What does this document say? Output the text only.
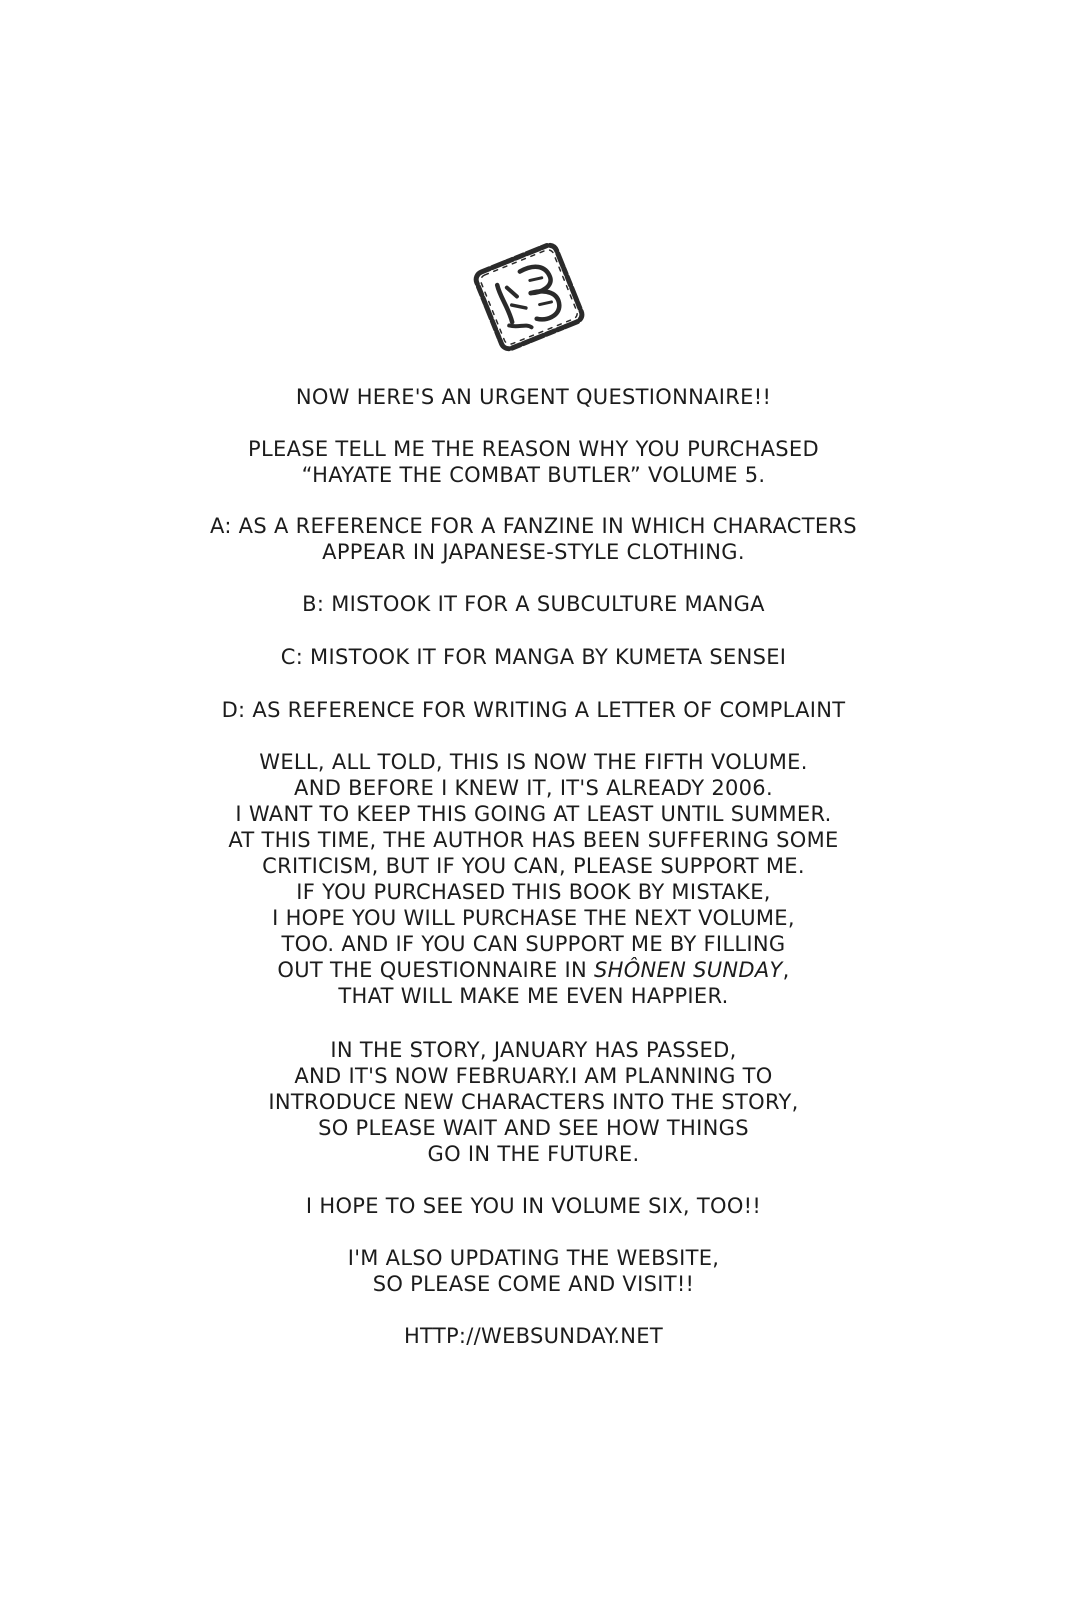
NOW HERE'S AN URGENT QUESTIONNAIRE!!
PLEASE TELL ME THE REASON WHY YOU PURCHASED
“HAYATE THE COMBAT BUTLER” VOLUME 5.
A: AS A REFERENCE FOR A FANZINE IN WHICH CHARACTERS
APPEAR IN JAPANESE-STYLE CLOTHING.
B: MISTOOK IT FOR A SUBCULTURE MANGA
C: MISTOOK IT FOR MANGA BY KUMETA SENSEI
D: AS REFERENCE FOR WRITING A LETTER OF COMPLAINT
WELL, ALL TOLD, THIS IS NOW THE FIFTH VOLUME.
AND BEFORE I KNEW IT, IT'S ALREADY 2006.
I WANT TO KEEP THIS GOING AT LEAST UNTIL SUMMER.
AT THIS TIME, THE AUTHOR HAS BEEN SUFFERING SOME
CRITICISM, BUT IF YOU CAN, PLEASE SUPPORT ME.
IF YOU PURCHASED THIS BOOK BY MISTAKE,
I HOPE YOU WILL PURCHASE THE NEXT VOLUME,
TOO. AND IF YOU CAN SUPPORT ME BY FILLING
OUT THE QUESTIONNAIRE IN SHÔNEN SUNDAY,
THAT WILL MAKE ME EVEN HAPPIER.
IN THE STORY, JANUARY HAS PASSED,
AND IT'S NOW FEBRUARY.I AM PLANNING TO
INTRODUCE NEW CHARACTERS INTO THE STORY,
SO PLEASE WAIT AND SEE HOW THINGS
GO IN THE FUTURE.
I HOPE TO SEE YOU IN VOLUME SIX, TOO!!
I'M ALSO UPDATING THE WEBSITE,
SO PLEASE COME AND VISIT!!
HTTP://WEBSUNDAY.NET
